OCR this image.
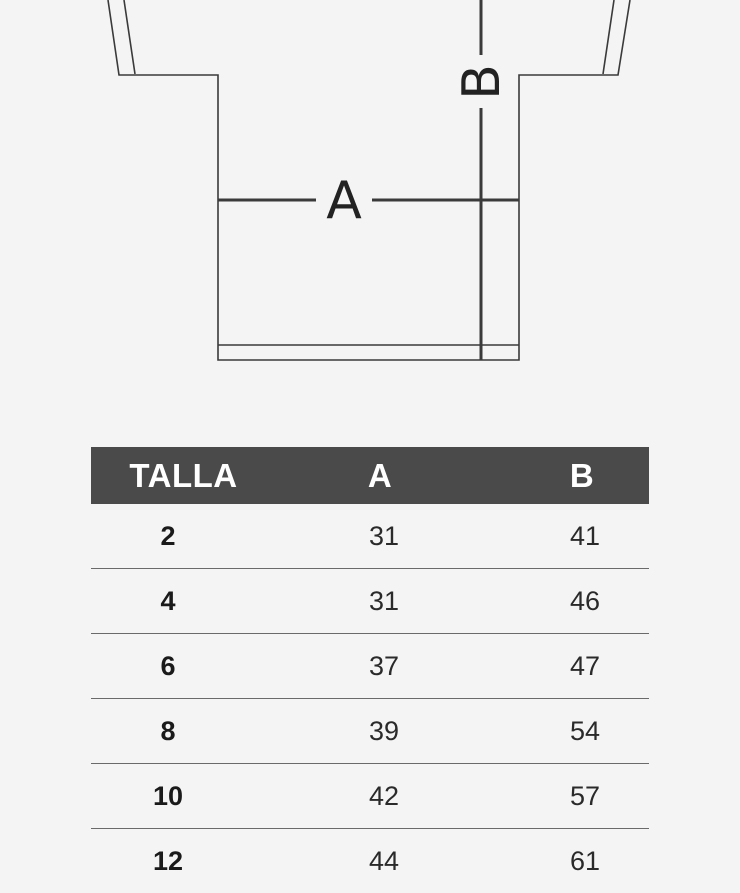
A
B
TALLA	A	B
2	31	41
4	31	46
6	37	47
8	39	54
10	42	57
12	44	61
